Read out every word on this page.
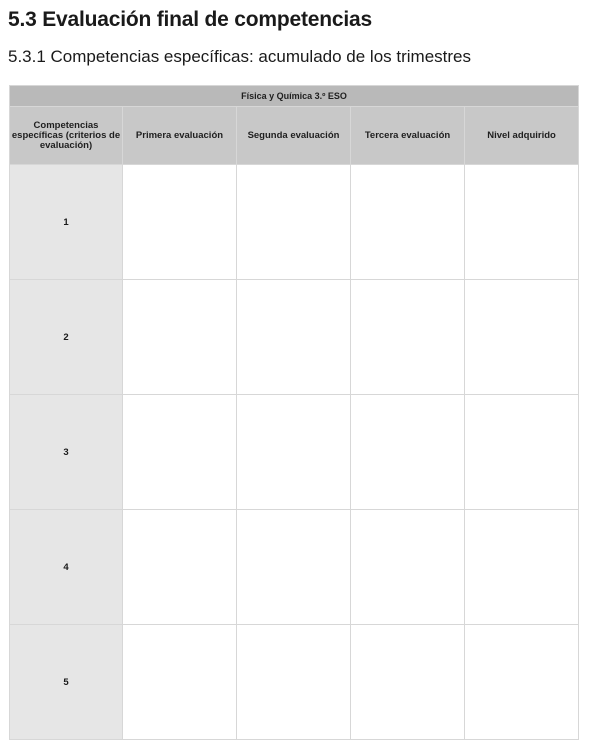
5.3 Evaluación final de competencias
5.3.1 Competencias específicas: acumulado de los trimestres
Física y Química 3.º ESO				
Competencias específicas (criterios de evaluación)	Primera evaluación	Segunda evaluación	Tercera evaluación	Nivel adquirido
1				
2				
3				
4				
5				
